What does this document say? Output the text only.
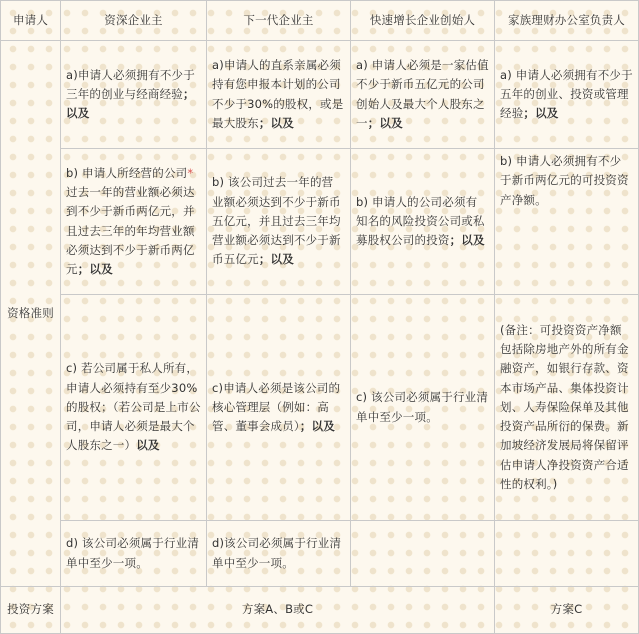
申请人	资深企业主	下一代企业主	快速增长企业创始人	家族理财办公室负责人
资格准则	a)申请人必须拥有不少于三年的创业与经商经验；以及	a)申请人的直系亲属必须持有您申报本计划的公司不少于30%的股权，或是最大股东；以及	a) 申请人必须是一家估值不少于新币五亿元的公司创始人及最大个人股东之一；以及	a) 申请人必须拥有不少于五年的创业、投资或管理经验；以及
	b) 申请人所经营的公司*过去一年的营业额必须达到不少于新币两亿元，并且过去三年的年均营业额必须达到不少于新币两亿元；以及	b) 该公司过去一年的营业额必须达到不少于新币五亿元，并且过去三年均营业额必须达到不少于新币五亿元；以及	b) 申请人的公司必须有知名的风险投资公司或私募股权公司的投资；以及	b) 申请人必须拥有不少于新币两亿元的可投资资产净额。
	c) 若公司属于私人所有，申请人必须持有至少30%的股权；（若公司是上市公司，申请人必须是最大个人股东之一）以及	c)申请人必须是该公司的核心管理层（例如：高管、董事会成员）；以及	c) 该公司必须属于行业清单中至少一项。	(备注：可投资资产净额包括除房地产外的所有金融资产，如银行存款、资本市场产品、集体投资计划、人寿保险保单及其他投资产品所衍的保费。新加坡经济发展局将保留评估申请人净投资资产合适性的权利。)
	d) 该公司必须属于行业清单中至少一项。	d)该公司必须属于行业清单中至少一项。		
投资方案	方案A、B或C			方案C
